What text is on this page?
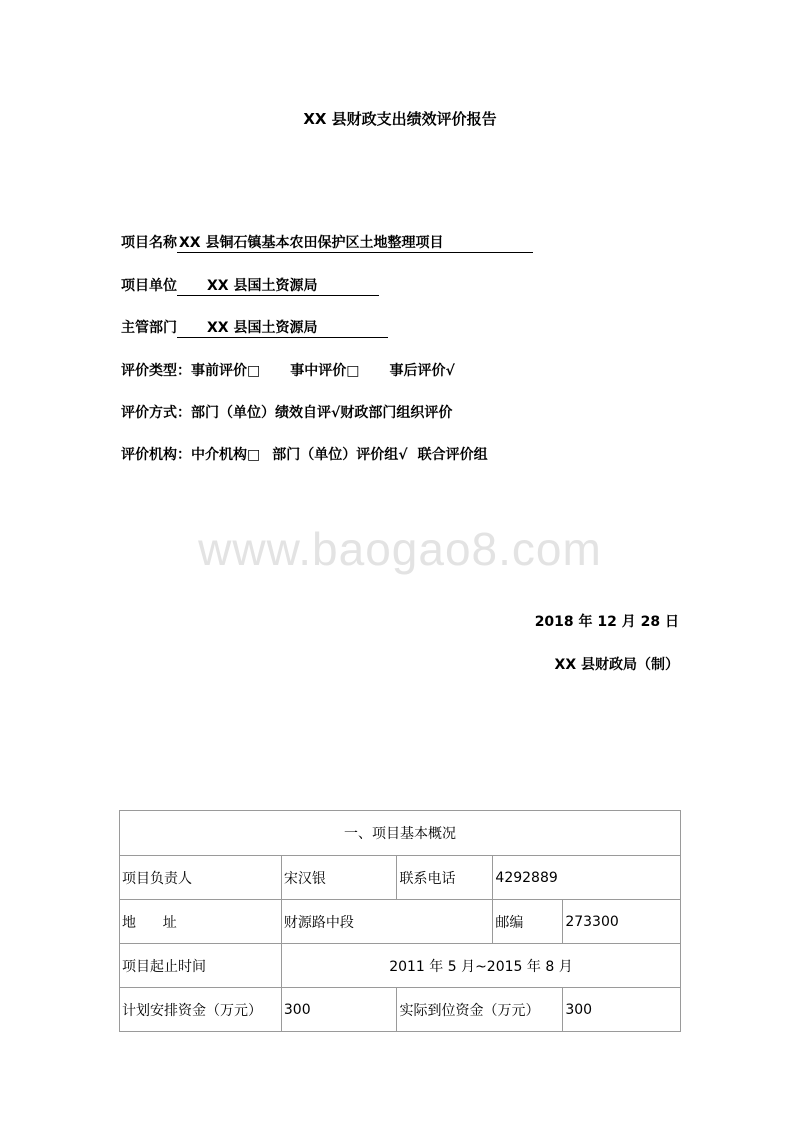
XX 县财政支出绩效评价报告
项目名称 XX 县铜石镇基本农田保护区土地整理项目
项目单位 XX 县国土资源局
主管部门 XX 县国土资源局
评价类型：事前评价□ 事中评价□ 事后评价√
评价方式：部门（单位）绩效自评√财政部门组织评价
评价机构：中介机构□ 部门（单位）评价组√ 联合评价组
www.baogao8.com
2018 年 12 月 28 日
XX 县财政局（制）
一、项目基本概况				
项目负责人	宋汉银	联系电话	4292889	
地      址	财源路中段		邮编	273300
项目起止时间	2011 年 5 月~2015 年 8 月			
计划安排资金（万元）	300	实际到位资金（万元）		300
